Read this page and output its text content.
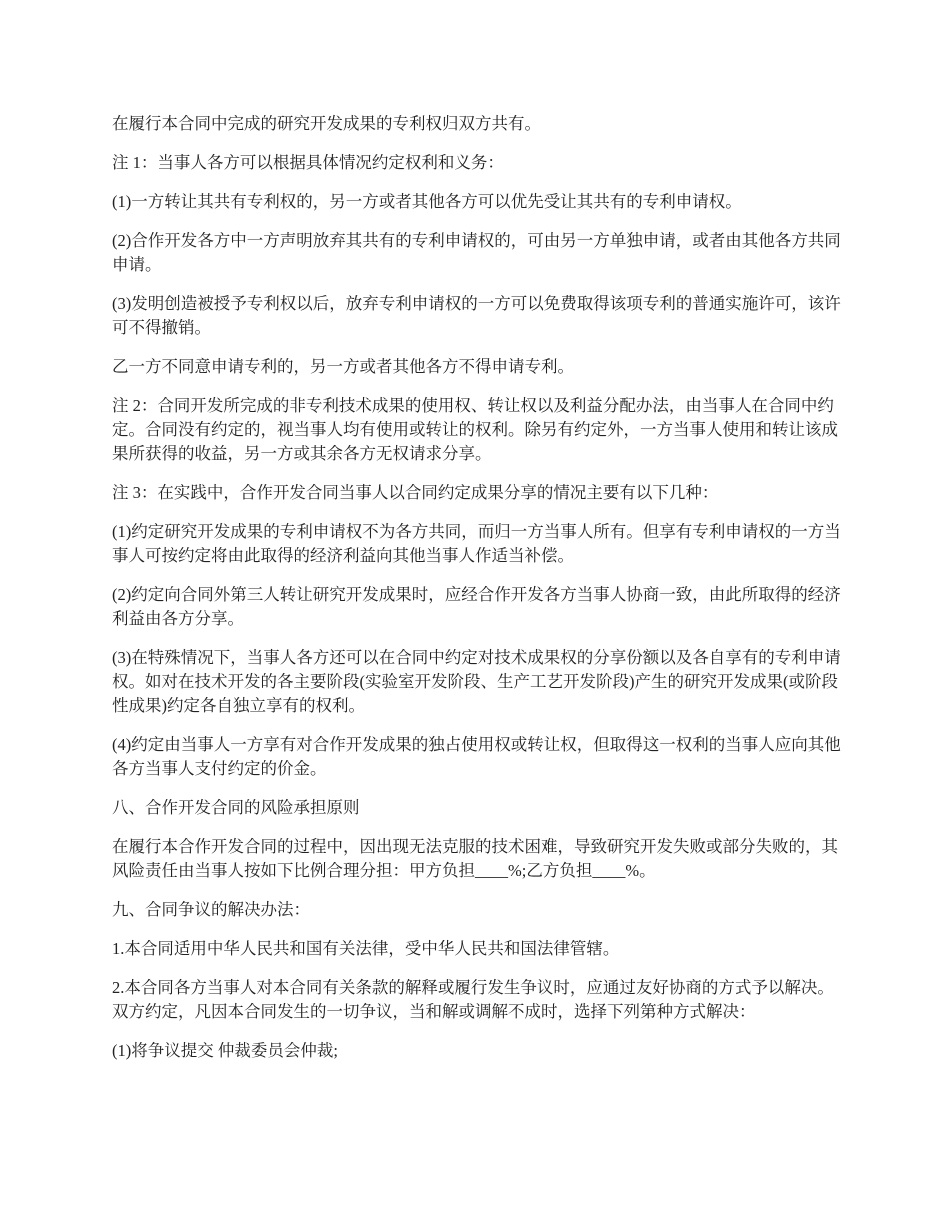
在履行本合同中完成的研究开发成果的专利权归双方共有。

注 1：当事人各方可以根据具体情况约定权利和义务：

(1)一方转让其共有专利权的，另一方或者其他各方可以优先受让其共有的专利申请权。

(2)合作开发各方中一方声明放弃其共有的专利申请权的，可由另一方单独申请，或者由其他各方共同申请。

(3)发明创造被授予专利权以后，放弃专利申请权的一方可以免费取得该项专利的普通实施许可，该许可不得撤销。

乙一方不同意申请专利的，另一方或者其他各方不得申请专利。

注 2：合同开发所完成的非专利技术成果的使用权、转让权以及利益分配办法，由当事人在合同中约定。合同没有约定的，视当事人均有使用或转让的权利。除另有约定外，一方当事人使用和转让该成果所获得的收益，另一方或其余各方无权请求分享。

注 3：在实践中，合作开发合同当事人以合同约定成果分享的情况主要有以下几种：

(1)约定研究开发成果的专利申请权不为各方共同，而归一方当事人所有。但享有专利申请权的一方当事人可按约定将由此取得的经济利益向其他当事人作适当补偿。

(2)约定向合同外第三人转让研究开发成果时，应经合作开发各方当事人协商一致，由此所取得的经济利益由各方分享。

(3)在特殊情况下，当事人各方还可以在合同中约定对技术成果权的分享份额以及各自享有的专利申请权。如对在技术开发的各主要阶段(实验室开发阶段、生产工艺开发阶段)产生的研究开发成果(或阶段性成果)约定各自独立享有的权利。

(4)约定由当事人一方享有对合作开发成果的独占使用权或转让权，但取得这一权利的当事人应向其他各方当事人支付约定的价金。

八、合作开发合同的风险承担原则

在履行本合作开发合同的过程中，因出现无法克服的技术困难，导致研究开发失败或部分失败的，其风险责任由当事人按如下比例合理分担：甲方负担____%;乙方负担____%。

九、合同争议的解决办法：

1.本合同适用中华人民共和国有关法律，受中华人民共和国法律管辖。

2.本合同各方当事人对本合同有关条款的解释或履行发生争议时，应通过友好协商的方式予以解决。双方约定，凡因本合同发生的一切争议，当和解或调解不成时，选择下列第种方式解决：

(1)将争议提交 仲裁委员会仲裁;
